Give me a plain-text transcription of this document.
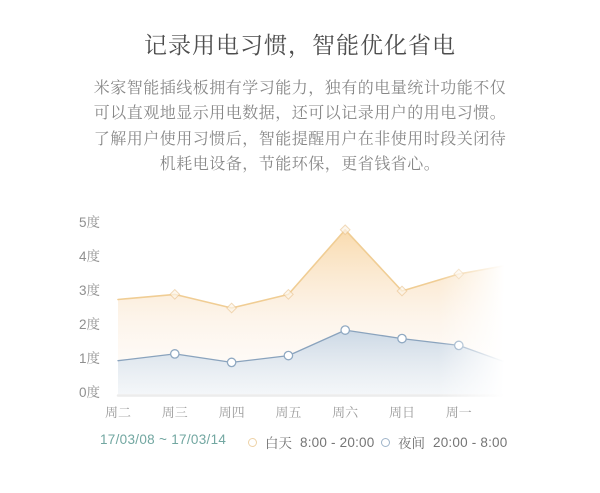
记录用电习惯，智能优化省电
米家智能插线板拥有学习能力，独有的电量统计功能不仅
可以直观地显示用电数据，还可以记录用户的用电习惯。
了解用户使用习惯后，智能提醒用户在非使用时段关闭待
机耗电设备，节能环保，更省钱省心。
0度
1度
2度
3度
4度
5度
周二 周三 周四 周五 周六 周日 周一
17/03/08 ~ 17/03/14	白天 8:00 - 20:00 夜间 20:00 - 8:00
